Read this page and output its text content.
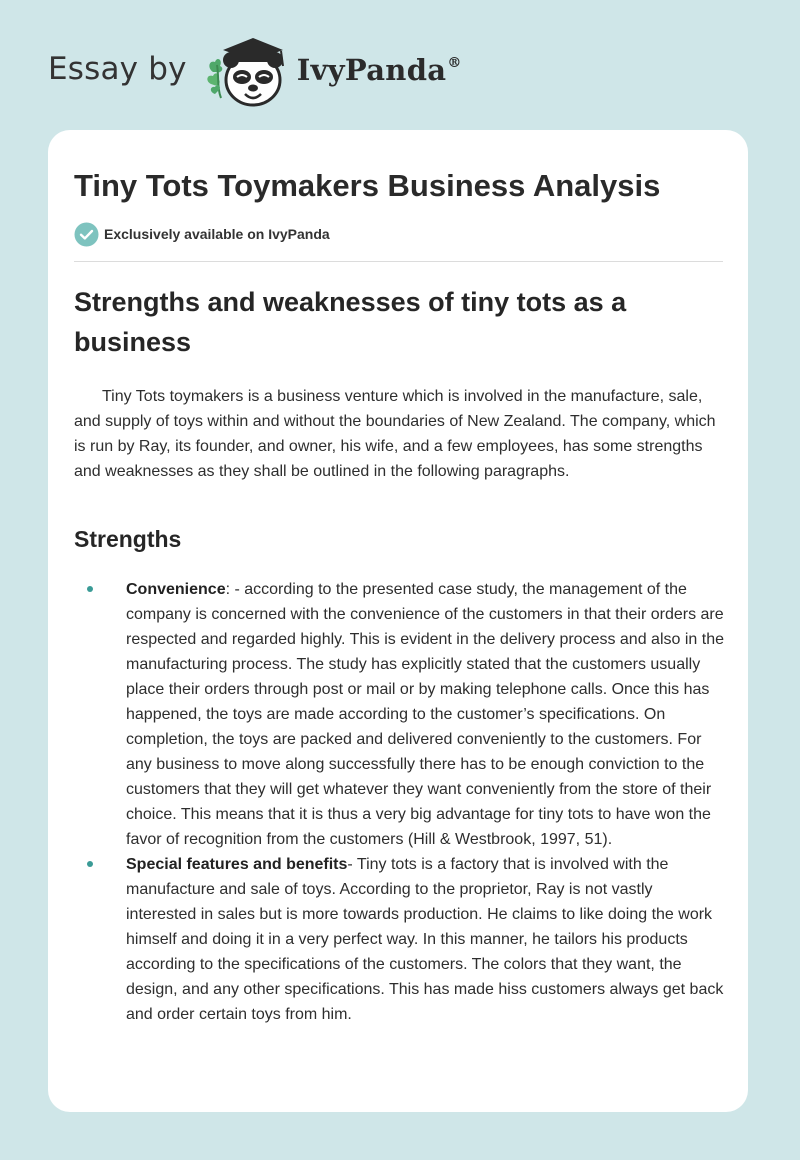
Essay by	IvyPanda®
Tiny Tots Toymakers Business Analysis
Exclusively available on IvyPanda
Strengths and weaknesses of tiny tots as a business

Tiny Tots toymakers is a business venture which is involved in the manufacture, sale, and supply of toys within and without the boundaries of New Zealand. The company, which is run by Ray, its founder, and owner, his wife, and a few employees, has some strengths and weaknesses as they shall be outlined in the following paragraphs.

Strengths
Convenience: - according to the presented case study, the management of the company is concerned with the convenience of the customers in that their orders are respected and regarded highly. This is evident in the delivery process and also in the manufacturing process. The study has explicitly stated that the customers usually place their orders through post or mail or by making telephone calls. Once this has happened, the toys are made according to the customer’s specifications. On completion, the toys are packed and delivered conveniently to the customers. For any business to move along successfully there has to be enough conviction to the customers that they will get whatever they want conveniently from the store of their choice. This means that it is thus a very big advantage for tiny tots to have won the favor of recognition from the customers (Hill & Westbrook, 1997, 51).
Special features and benefits- Tiny tots is a factory that is involved with the manufacture and sale of toys. According to the proprietor, Ray is not vastly interested in sales but is more towards production. He claims to like doing the work himself and doing it in a very perfect way. In this manner, he tailors his products according to the specifications of the customers. The colors that they want, the design, and any other specifications. This has made hiss customers always get back and order certain toys from him.
